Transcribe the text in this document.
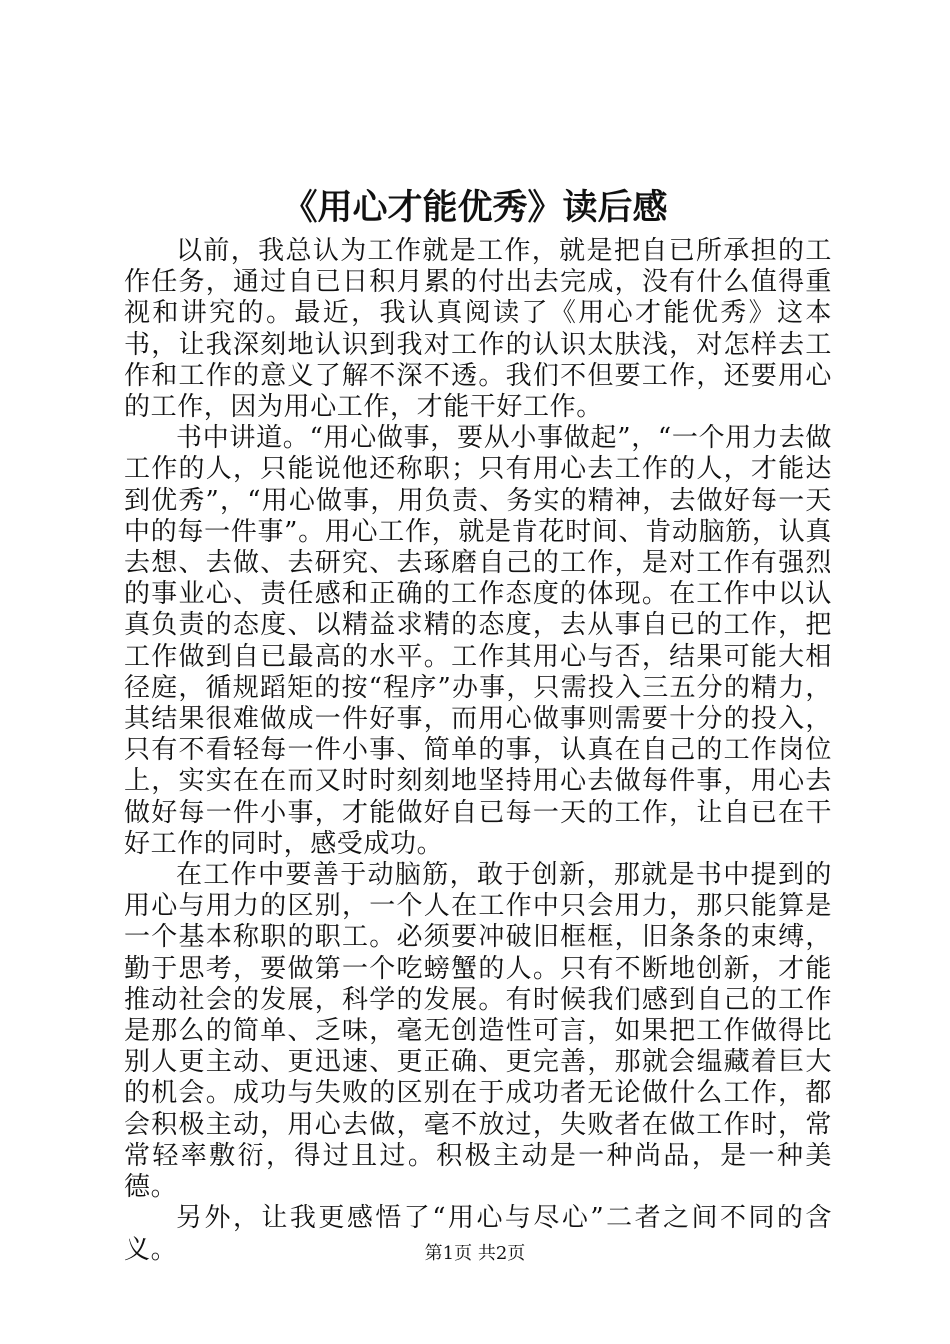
《用心才能优秀》读后感

以前，我总认为工作就是工作，就是把自已所承担的工作任务，通过自已日积月累的付出去完成，没有什么值得重视和讲究的。最近，我认真阅读了《用心才能优秀》这本书，让我深刻地认识到我对工作的认识太肤浅，对怎样去工作和工作的意义了解不深不透。我们不但要工作，还要用心的工作，因为用心工作，才能干好工作。

书中讲道。“用心做事，要从小事做起”，“一个用力去做工作的人，只能说他还称职；只有用心去工作的人，才能达到优秀”，“用心做事，用负责、务实的精神，去做好每一天中的每一件事”。用心工作，就是肯花时间、肯动脑筋，认真去想、去做、去研究、去琢磨自己的工作，是对工作有强烈的事业心、责任感和正确的工作态度的体现。在工作中以认真负责的态度、以精益求精的态度，去从事自已的工作，把工作做到自已最高的水平。工作其用心与否，结果可能大相径庭，循规蹈矩的按“程序”办事，只需投入三五分的精力，其结果很难做成一件好事，而用心做事则需要十分的投入，只有不看轻每一件小事、简单的事，认真在自己的工作岗位上，实实在在而又时时刻刻地坚持用心去做每件事，用心去做好每一件小事，才能做好自已每一天的工作，让自已在干好工作的同时，感受成功。

在工作中要善于动脑筋，敢于创新，那就是书中提到的用心与用力的区别，一个人在工作中只会用力，那只能算是一个基本称职的职工。必须要冲破旧框框，旧条条的束缚，勤于思考，要做第一个吃螃蟹的人。只有不断地创新，才能推动社会的发展，科学的发展。有时候我们感到自己的工作是那么的简单、乏味，毫无创造性可言，如果把工作做得比别人更主动、更迅速、更正确、更完善，那就会缊藏着巨大的机会。成功与失败的区别在于成功者无论做什么工作，都会积极主动，用心去做，毫不放过，失败者在做工作时，常常轻率敷衍，得过且过。积极主动是一种尚品，是一种美德。

另外，让我更感悟了“用心与尽心”二者之间不同的含义。	第1页 共2页
